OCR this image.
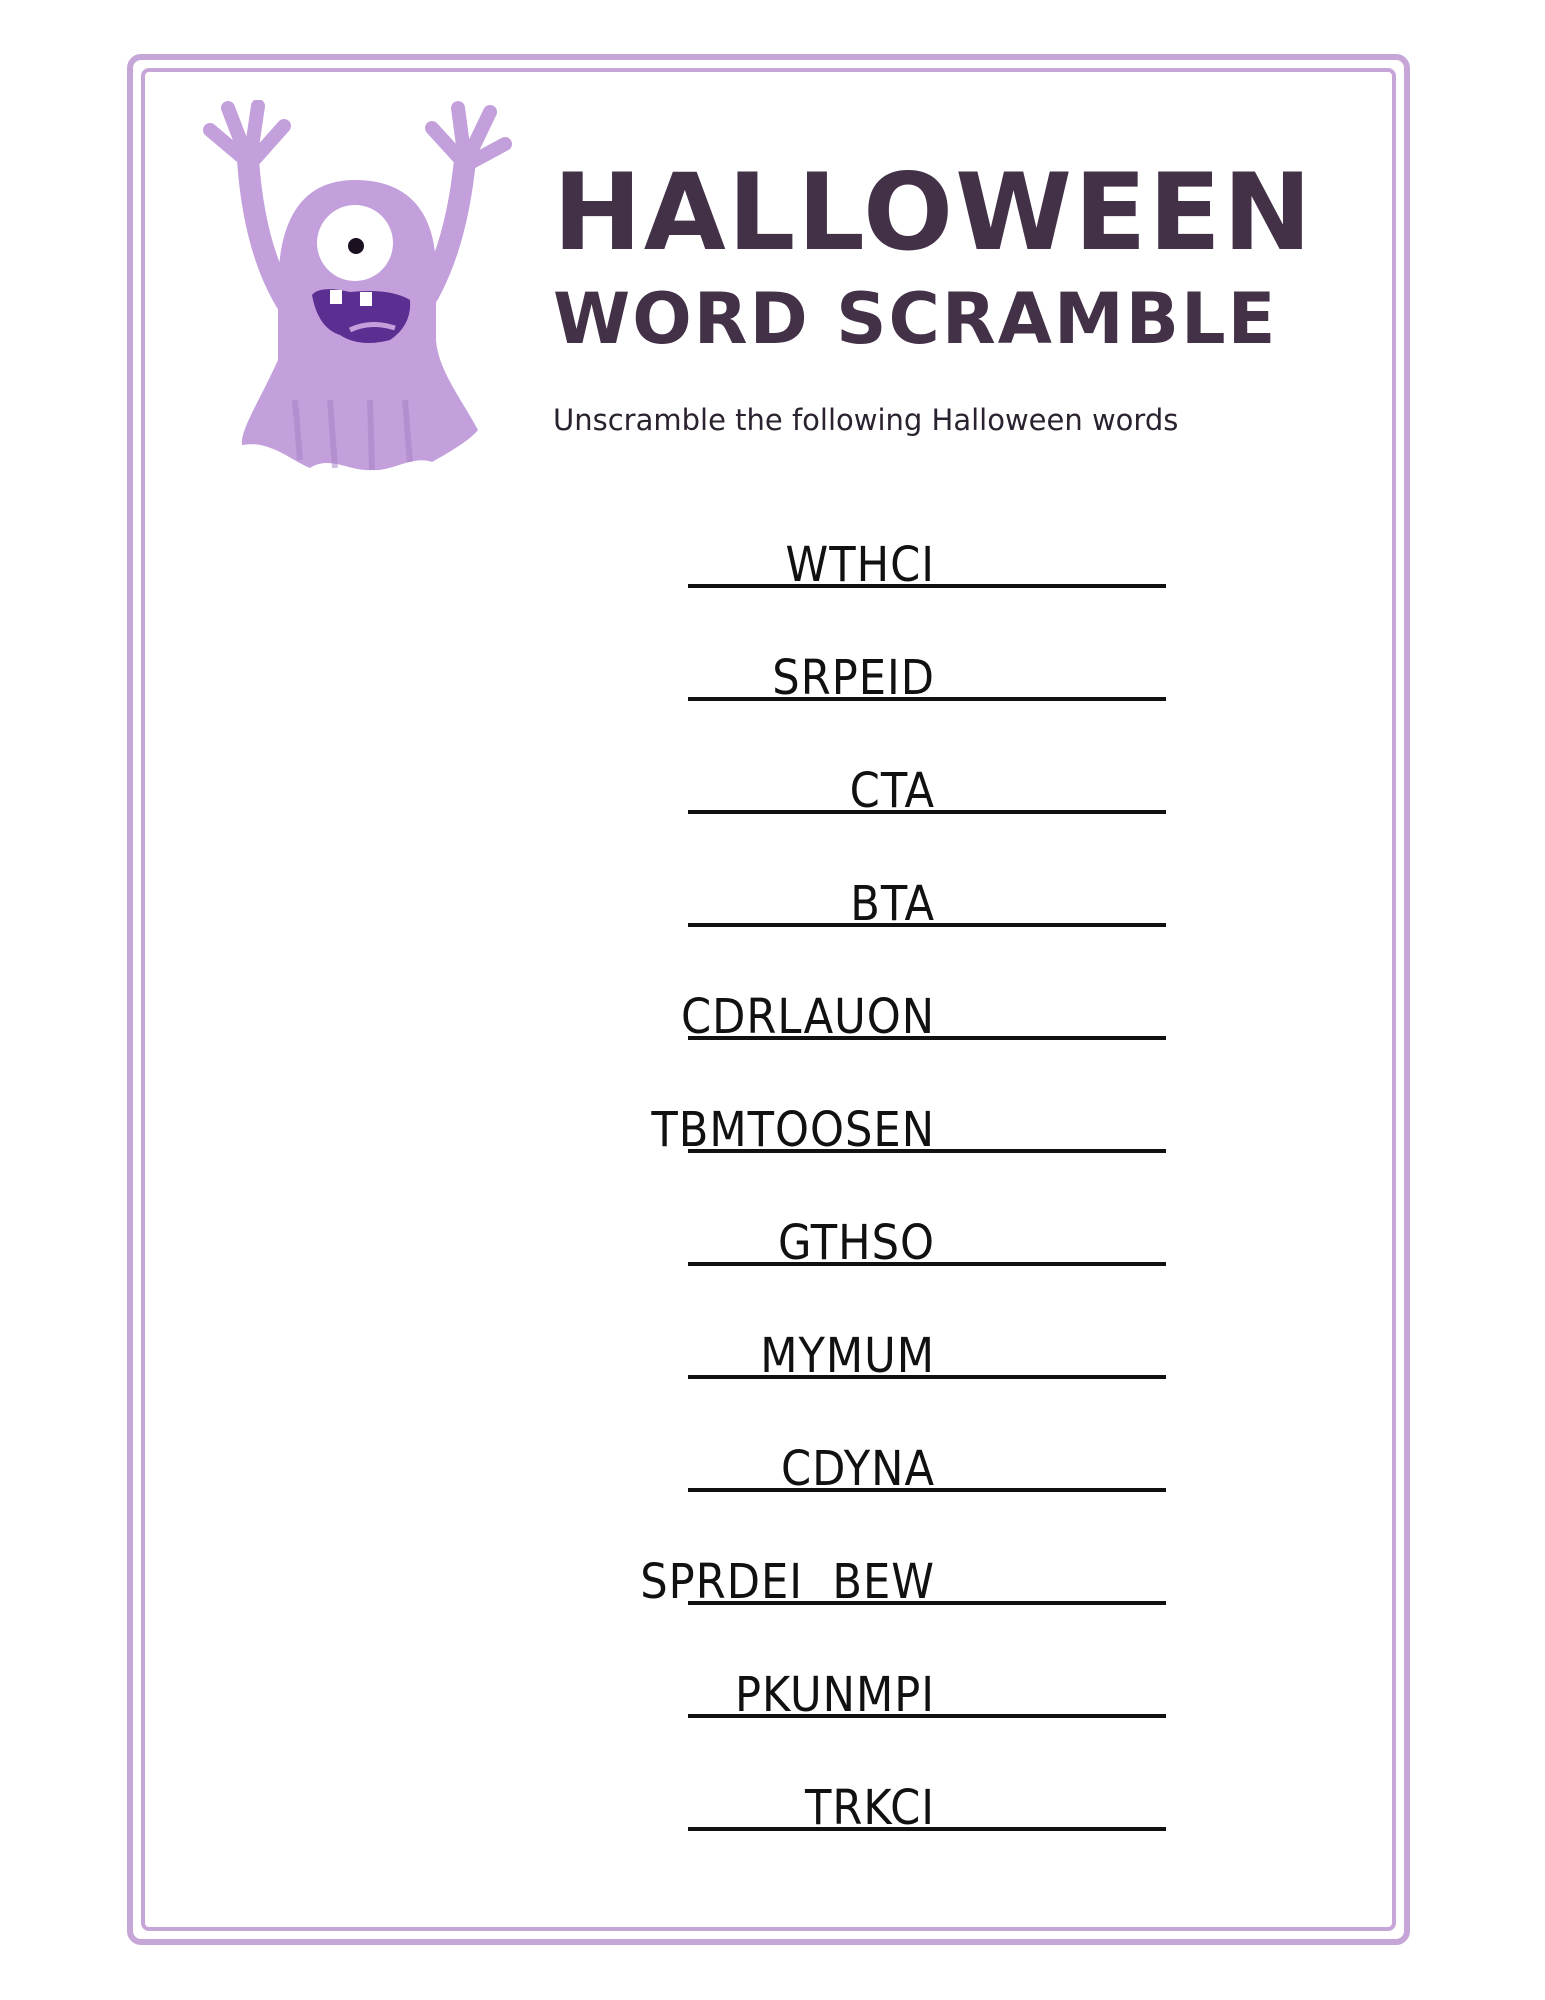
HALLOWEEN
WORD SCRAMBLE
Unscramble the following Halloween words
WTHCI
SRPEID
CTA
BTA
CDRLAUON
TBMTOOSEN
GTHSO
MYMUM
CDYNA
SPRDEI  BEW
PKUNMPI
TRKCI
